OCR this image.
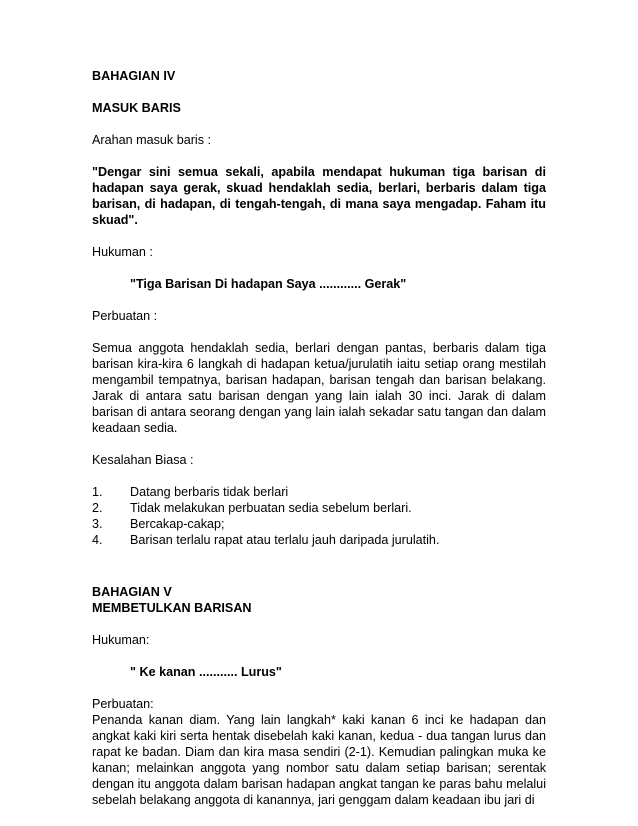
BAHAGIAN IV

MASUK BARIS

Arahan masuk baris :

"Dengar sini semua sekali, apabila mendapat hukuman tiga barisan di hadapan saya gerak, skuad hendaklah sedia, berlari, berbaris dalam tiga barisan, di hadapan, di tengah-tengah, di mana saya mengadap. Faham itu skuad".

Hukuman :

"Tiga Barisan Di hadapan Saya ............ Gerak"

Perbuatan :

Semua anggota hendaklah sedia, berlari dengan pantas, berbaris dalam tiga barisan kira-kira 6 langkah di hadapan ketua/jurulatih iaitu setiap orang mestilah mengambil tempatnya, barisan hadapan, barisan tengah dan barisan belakang. Jarak di antara satu barisan dengan yang lain ialah 30 inci. Jarak di dalam barisan di antara seorang dengan yang lain ialah sekadar satu tangan dan dalam keadaan sedia.

Kesalahan Biasa :

1.	Datang berbaris tidak berlari
2.	Tidak melakukan perbuatan sedia sebelum berlari.
3.	Bercakap-cakap;
4.	Barisan terlalu rapat atau terlalu jauh daripada jurulatih.

BAHAGIAN V

MEMBETULKAN BARISAN

Hukuman:

" Ke kanan ........... Lurus"

Perbuatan:

Penanda kanan diam. Yang lain langkah* kaki kanan 6 inci ke hadapan dan angkat kaki kiri serta hentak disebelah kaki kanan, kedua - dua tangan lurus dan rapat ke badan. Diam dan kira masa sendiri (2-1). Kemudian palingkan muka ke kanan; melainkan anggota yang nombor satu dalam setiap barisan; serentak dengan itu anggota dalam barisan hadapan angkat tangan ke paras bahu melalui sebelah belakang anggota di kanannya, jari genggam dalam keadaan ibu jari di
